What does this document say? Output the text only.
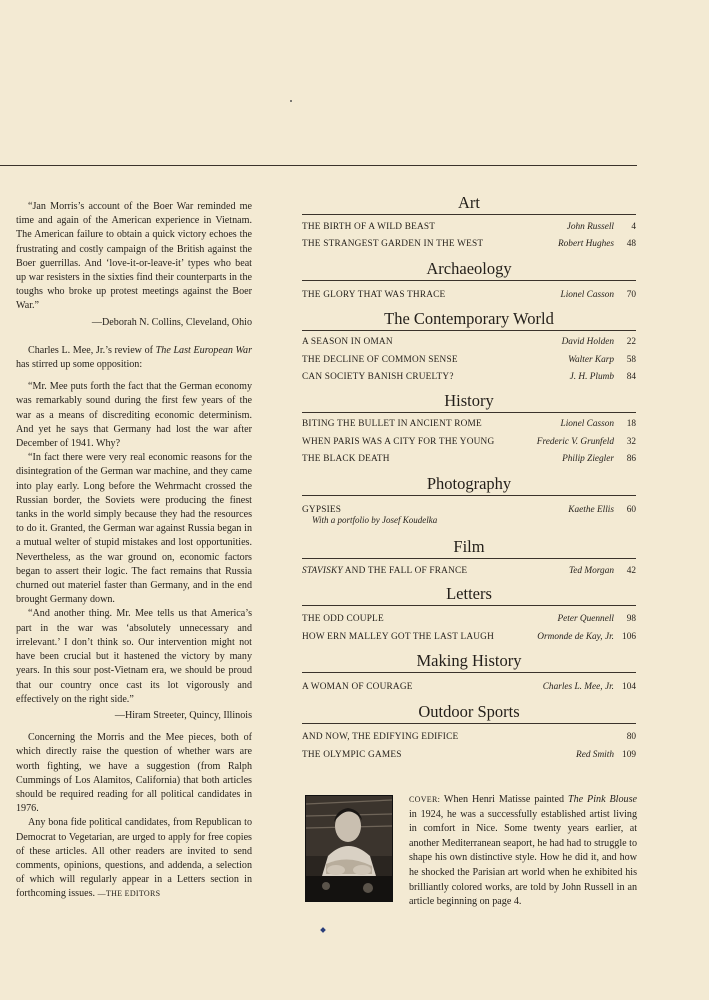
“Jan Morris’s account of the Boer War reminded me time and again of the American experience in Vietnam. The American failure to obtain a quick victory echoes the frustrating and costly campaign of the British against the Boer guerrillas. And ‘love-it-or-leave-it’ types who beat up war resisters in the sixties find their counterparts in the toughs who broke up protest meetings against the Boer War.”

—Deborah N. Collins, Cleveland, Ohio

Charles L. Mee, Jr.’s review of The Last European War has stirred up some opposition:

“Mr. Mee puts forth the fact that the German economy was remarkably sound during the first few years of the war as a means of discrediting economic determinism. And yet he says that Germany had lost the war after December of 1941. Why?

“In fact there were very real economic reasons for the disintegration of the German war machine, and they came into play early. Long before the Wehrmacht crossed the Russian border, the Soviets were producing the finest tanks in the world simply because they had the resources to do it. Granted, the German war against Russia began in a mutual welter of stupid mistakes and lost opportunities. Nevertheless, as the war ground on, economic factors began to assert their logic. The fact remains that Russia churned out materiel faster than Germany, and in the end brought Germany down.

“And another thing. Mr. Mee tells us that America’s part in the war was ‘absolutely unnecessary and irrelevant.’ I don’t think so. Our intervention might not have been crucial but it hastened the victory by many years. In this sour post-Vietnam era, we should be proud that our country once cast its lot vigorously and effectively on the right side.”

—Hiram Streeter, Quincy, Illinois

Concerning the Morris and the Mee pieces, both of which directly raise the question of whether wars are worth fighting, we have a suggestion (from Ralph Cummings of Los Alamitos, California) that both articles should be required reading for all political candidates in 1976.

Any bona fide political candidates, from Republican to Democrat to Vegetarian, are urged to apply for free copies of these articles. All other readers are invited to send comments, opinions, questions, and addenda, a selection of which will regularly appear in a Letters section in forthcoming issues. —THE EDITORS

Art
THE BIRTH OF A WILD BEAST	John Russell 4
THE STRANGEST GARDEN IN THE WEST	Robert Hughes 48
Archaeology
THE GLORY THAT WAS THRACE	Lionel Casson 70
The Contemporary World
A SEASON IN OMAN	David Holden 22
THE DECLINE OF COMMON SENSE	Walter Karp 58
CAN SOCIETY BANISH CRUELTY?	J. H. Plumb 84
History
BITING THE BULLET IN ANCIENT ROME	Lionel Casson 18
WHEN PARIS WAS A CITY FOR THE YOUNG	Frederic V. Grunfeld 32
THE BLACK DEATH	Philip Ziegler 86
Photography
GYPSIES	Kaethe Ellis 60
With a portfolio by Josef Koudelka
Film
STAVISKY AND THE FALL OF FRANCE	Ted Morgan 42
Letters
THE ODD COUPLE	Peter Quennell 98
HOW ERN MALLEY GOT THE LAST LAUGH	Ormonde de Kay, Jr. 106
Making History
A WOMAN OF COURAGE	Charles L. Mee, Jr. 104
Outdoor Sports
AND NOW, THE EDIFYING EDIFICE	80
THE OLYMPIC GAMES	Red Smith 109
COVER: When Henri Matisse painted The Pink Blouse in 1924, he was a successfully established artist living in comfort in Nice. Some twenty years earlier, at another Mediterranean seaport, he had had to struggle to shape his own distinctive style. How he did it, and how he shocked the Parisian art world when he exhibited his brilliantly colored works, are told by John Russell in an article beginning on page 4.
